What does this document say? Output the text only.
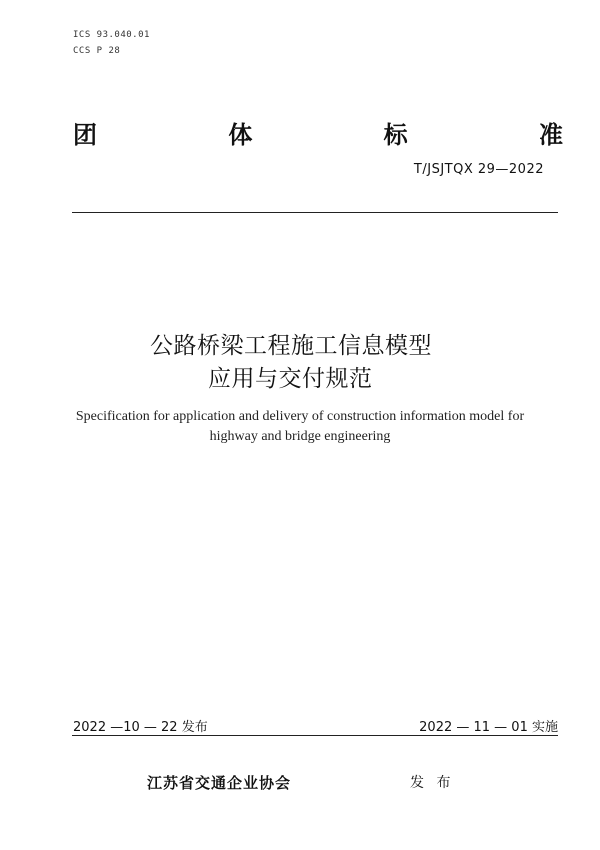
ICS 93.040.01
CCS P 28
团	体	标	准
T/JSJTQX 29—2022
公路桥梁工程施工信息模型
应用与交付规范
Specification for application and delivery of construction information model for
highway and bridge engineering
2022 —10 — 22 发布	2022 — 11 — 01 实施
江苏省交通企业协会	发 布
